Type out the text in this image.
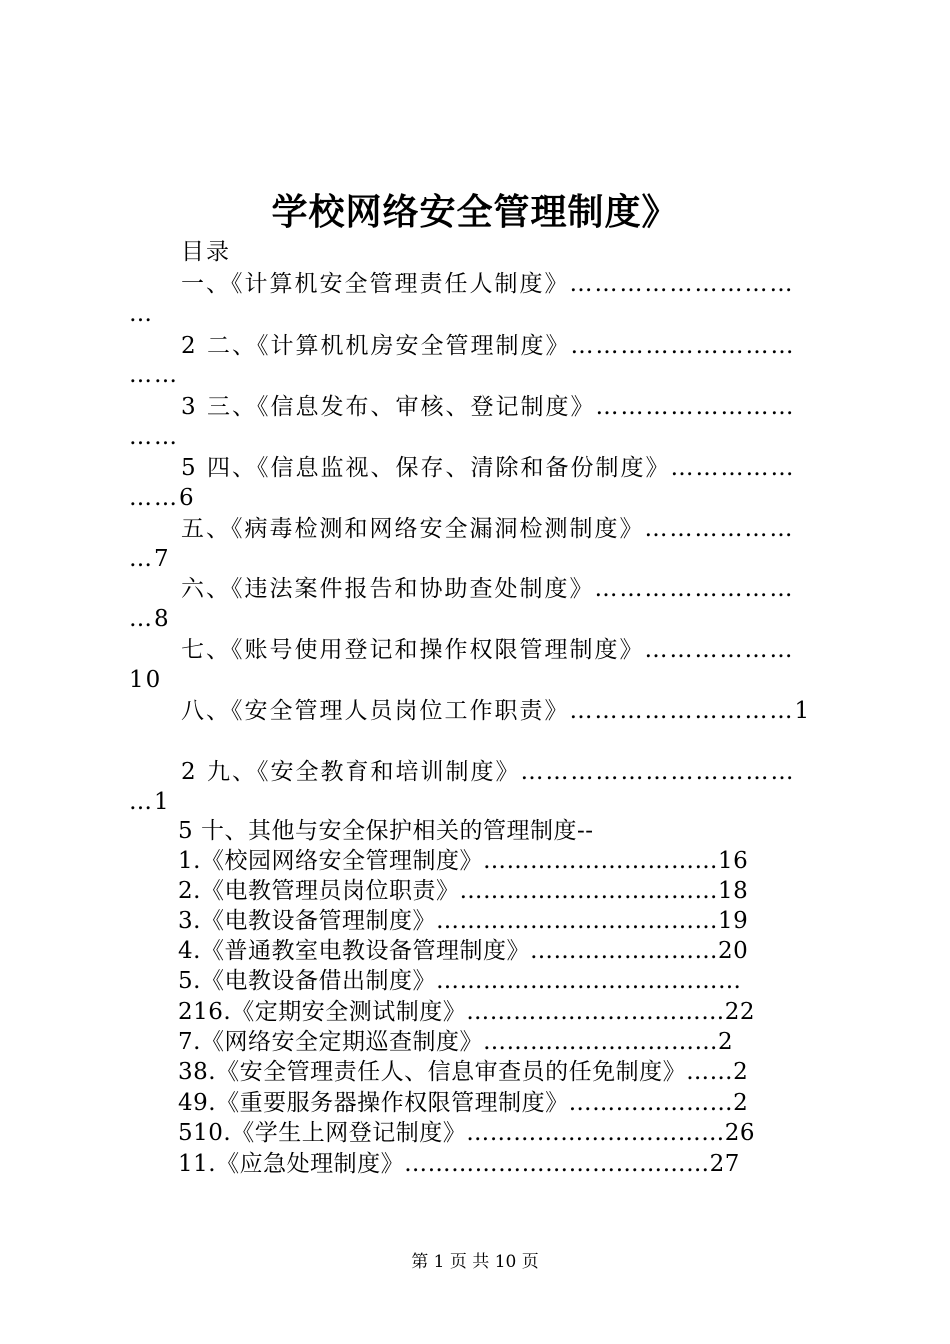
学校网络安全管理制度》
目录
一、《计算机安全管理责任人制度》………………………
…
2 二、《计算机机房安全管理制度》………………………
……
3 三、《信息发布、审核、登记制度》……………………
……
5 四、《信息监视、保存、清除和备份制度》……………
……6
五、《病毒检测和网络安全漏洞检测制度》………………
…7
六、《违法案件报告和协助查处制度》……………………
…8
七、《账号使用登记和操作权限管理制度》………………
10
八、《安全管理人员岗位工作职责》………………………1
2 九、《安全教育和培训制度》……………………………
…1
5 十、其他与安全保护相关的管理制度--
1.《校园网络安全管理制度》…………………………16
2.《电教管理员岗位职责》……………………………18
3.《电教设备管理制度》………………………………19
4.《普通教室电教设备管理制度》……………………20
5.《电教设备借出制度》…………………………………
216.《定期安全测试制度》……………………………22
7.《网络安全定期巡查制度》…………………………2
38.《安全管理责任人、信息审查员的任免制度》……2
49.《重要服务器操作权限管理制度》…………………2
510.《学生上网登记制度》……………………………26
11.《应急处理制度》…………………………………27
第 1 页 共 10 页
